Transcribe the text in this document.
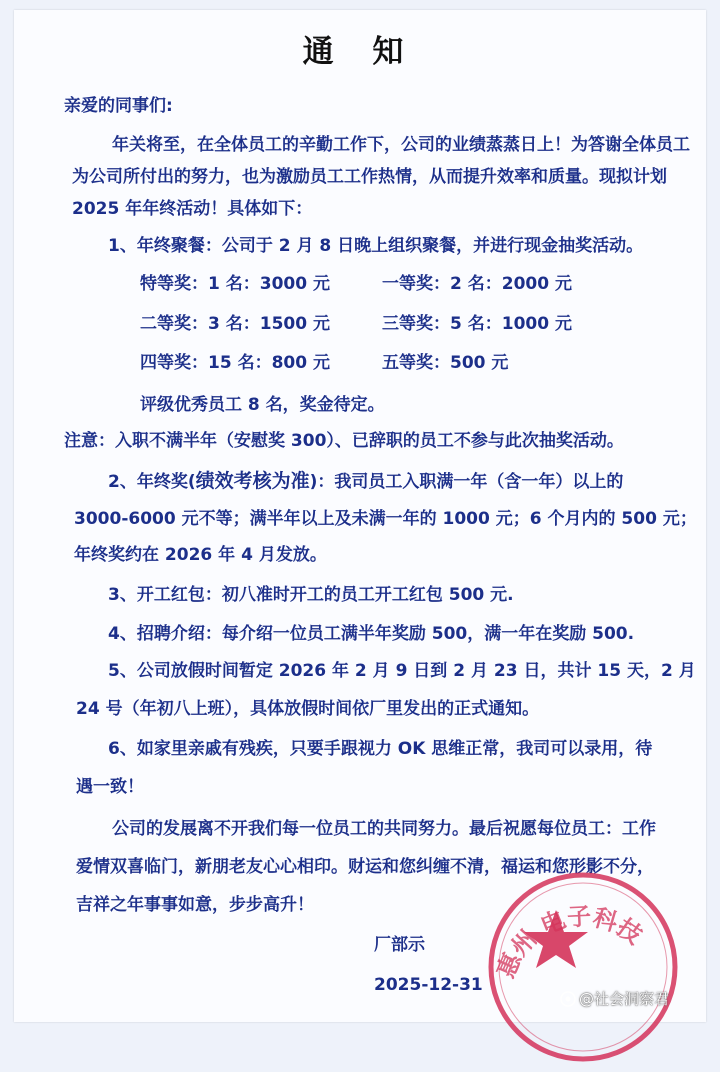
通 知
亲爱的同事们:
年关将至，在全体员工的辛勤工作下，公司的业绩蒸蒸日上！为答谢全体员工
为公司所付出的努力，也为激励员工工作热情，从而提升效率和质量。现拟计划
2025 年年终活动！具体如下：
1、年终聚餐：公司于 2 月 8 日晚上组织聚餐，并进行现金抽奖活动。
特等奖：1 名：3000 元	一等奖：2 名：2000 元
二等奖：3 名：1500 元	三等奖：5 名：1000 元
四等奖：15 名：800 元	五等奖：500 元
评级优秀员工 8 名，奖金待定。
注意：入职不满半年（安慰奖 300）、已辞职的员工不参与此次抽奖活动。
2、年终奖(绩效考核为准)：我司员工入职满一年（含一年）以上的
3000-6000 元不等；满半年以上及未满一年的 1000 元；6 个月内的 500 元；
年终奖约在 2026 年 4 月发放。
3、开工红包：初八准时开工的员工开工红包 500 元.
4、招聘介绍：每介绍一位员工满半年奖励 500，满一年在奖励 500.
5、公司放假时间暂定 2026 年 2 月 9 日到 2 月 23 日，共计 15 天，2 月
24 号（年初八上班），具体放假时间依厂里发出的正式通知。
6、如家里亲戚有残疾，只要手跟视力 OK 思维正常，我司可以录用，待
遇一致！
公司的发展离不开我们每一位员工的共同努力。最后祝愿每位员工：工作
爱情双喜临门，新朋老友心心相印。财运和您纠缠不清，福运和您形影不分，
吉祥之年事事如意，步步高升！
厂部示
2025-12-31
惠州 电子科技
@社会洞察君
